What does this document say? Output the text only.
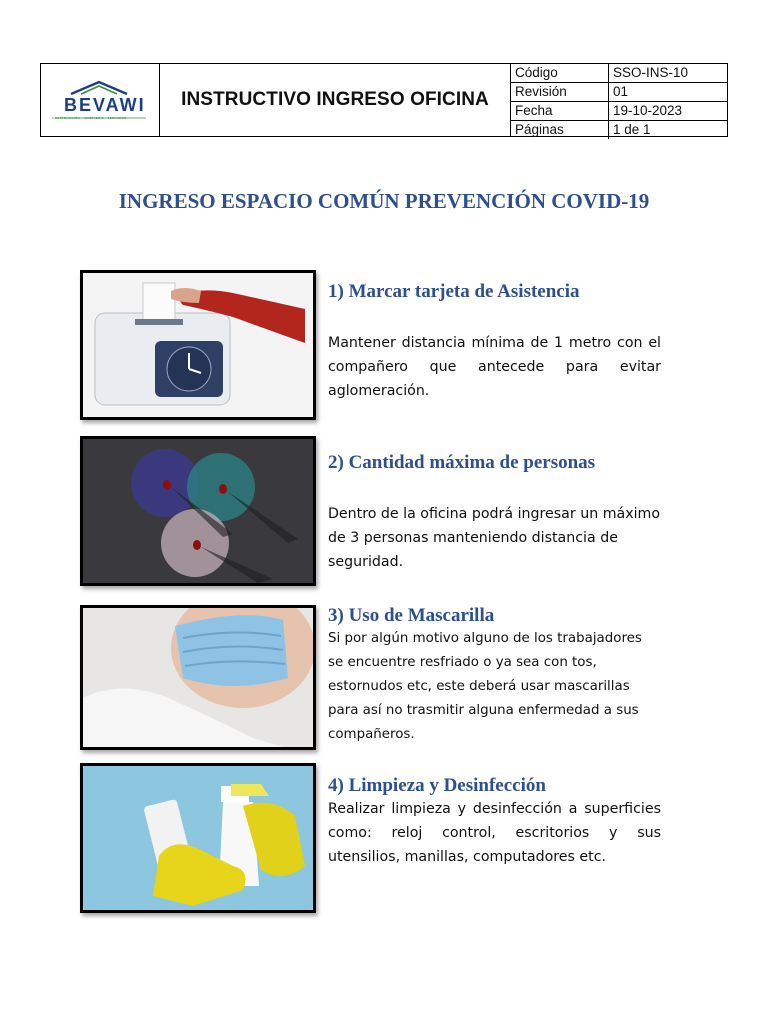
BEVAWI
CONSTRUCCIÓN · INGENIERÍA · SERVICIOS
INSTRUCTIVO INGRESO OFICINA
Código	SSO-INS-10
Revisión	01
Fecha	19-10-2023
Páginas	1 de 1
INGRESO ESPACIO COMÚN PREVENCIÓN COVID-19
1) Marcar tarjeta de Asistencia
Mantener distancia mínima de 1 metro con el compañero que antecede para evitar aglomeración.
2) Cantidad máxima de personas
Dentro de la oficina podrá ingresar un máximo de 3 personas manteniendo distancia de seguridad.
3) Uso de Mascarilla
Si por algún motivo alguno de los trabajadores se encuentre resfriado o ya sea con tos, estornudos etc, este deberá usar mascarillas para así no trasmitir alguna enfermedad a sus compañeros.
4) Limpieza y Desinfección
Realizar limpieza y desinfección a superficies como: reloj control, escritorios y sus utensilios, manillas, computadores etc.
